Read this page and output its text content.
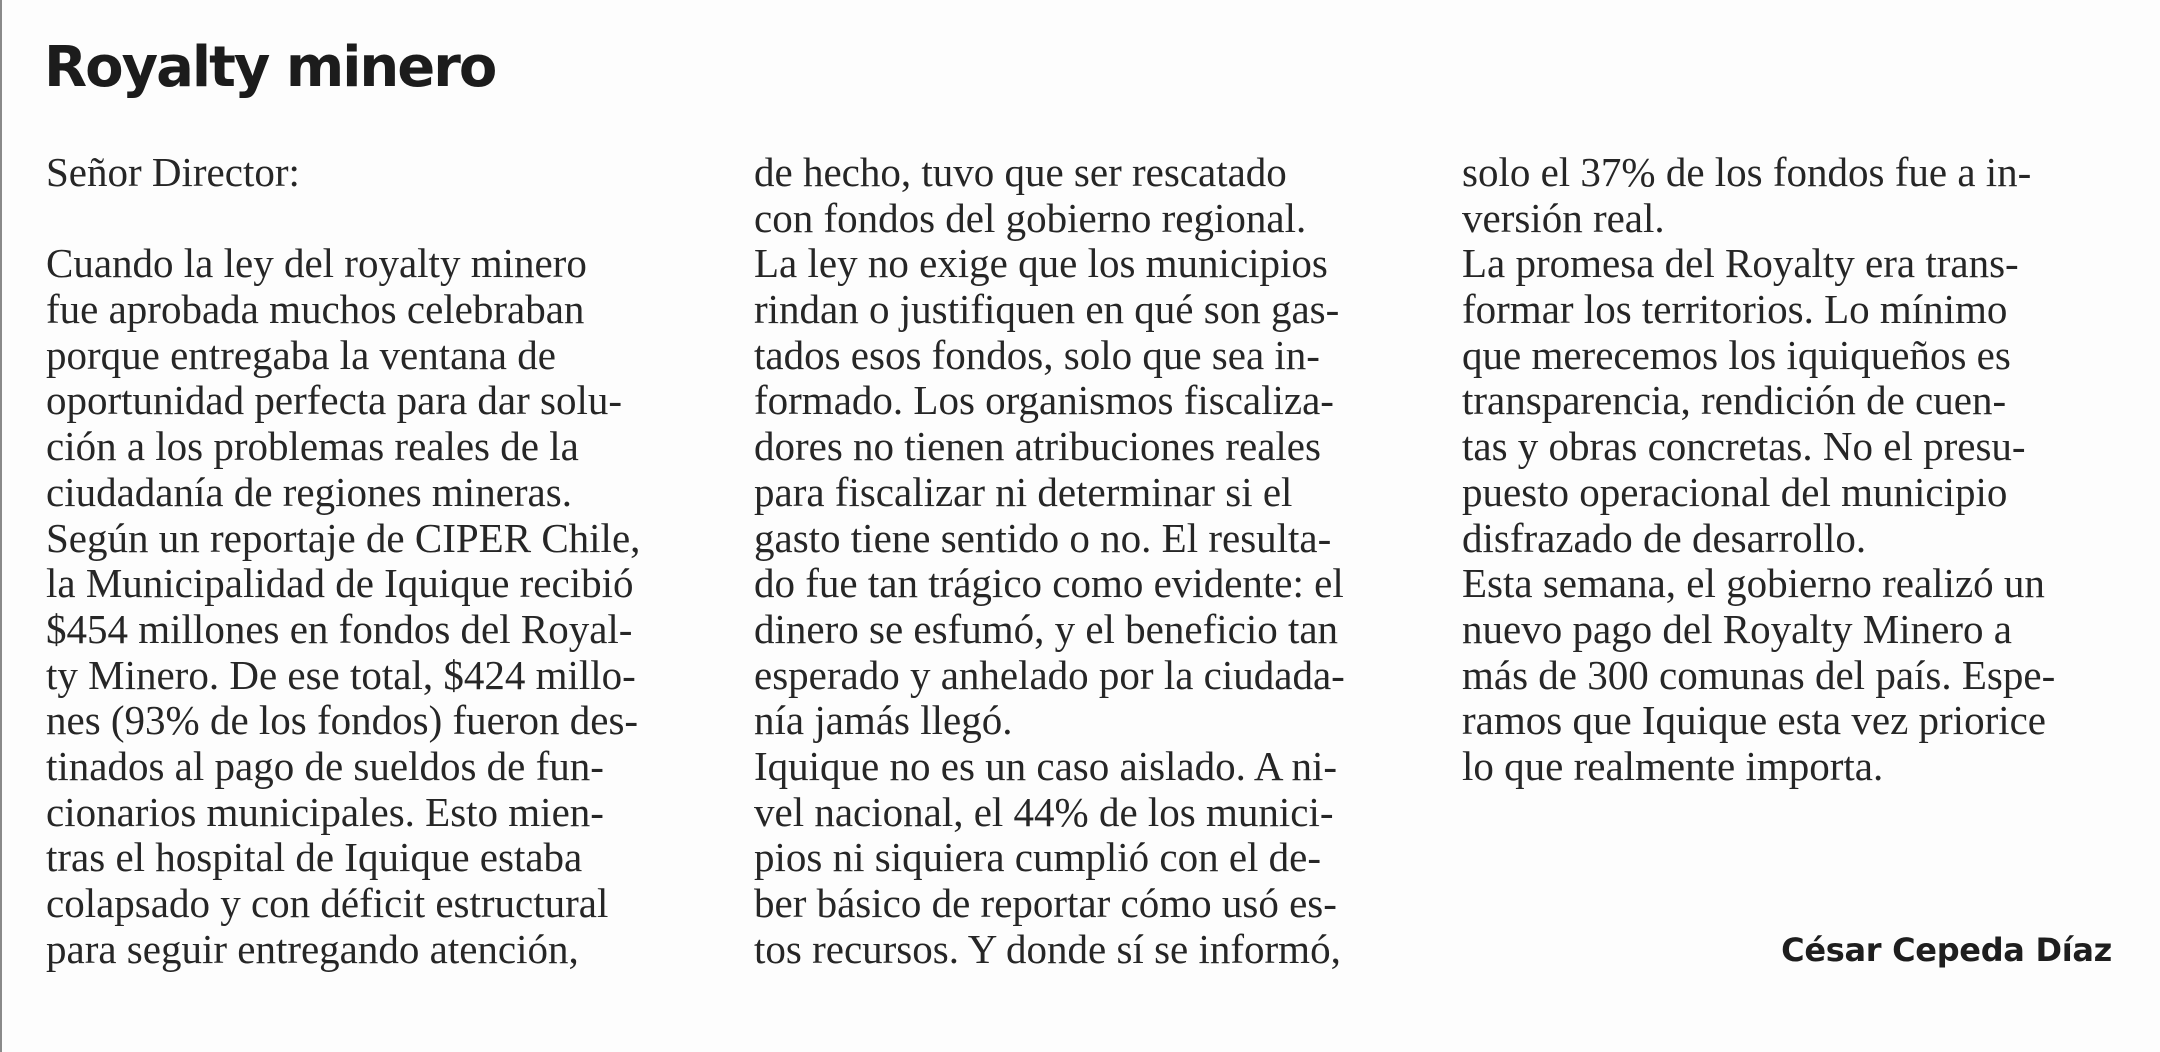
Royalty minero
Señor Director:
Cuando la ley del royalty minero
fue aprobada muchos celebraban
porque entregaba la ventana de
oportunidad perfecta para dar solu-
ción a los problemas reales de la
ciudadanía de regiones mineras.
Según un reportaje de CIPER Chile,
la Municipalidad de Iquique recibió
$454 millones en fondos del Royal-
ty Minero. De ese total, $424 millo-
nes (93% de los fondos) fueron des-
tinados al pago de sueldos de fun-
cionarios municipales. Esto mien-
tras el hospital de Iquique estaba
colapsado y con déficit estructural
para seguir entregando atención,
de hecho, tuvo que ser rescatado
con fondos del gobierno regional.
La ley no exige que los municipios
rindan o justifiquen en qué son gas-
tados esos fondos, solo que sea in-
formado. Los organismos fiscaliza-
dores no tienen atribuciones reales
para fiscalizar ni determinar si el
gasto tiene sentido o no. El resulta-
do fue tan trágico como evidente: el
dinero se esfumó, y el beneficio tan
esperado y anhelado por la ciudada-
nía jamás llegó.
Iquique no es un caso aislado. A ni-
vel nacional, el 44% de los munici-
pios ni siquiera cumplió con el de-
ber básico de reportar cómo usó es-
tos recursos. Y donde sí se informó,
solo el 37% de los fondos fue a in-
versión real.
La promesa del Royalty era trans-
formar los territorios. Lo mínimo
que merecemos los iquiqueños es
transparencia, rendición de cuen-
tas y obras concretas. No el presu-
puesto operacional del municipio
disfrazado de desarrollo.
Esta semana, el gobierno realizó un
nuevo pago del Royalty Minero a
más de 300 comunas del país. Espe-
ramos que Iquique esta vez priorice
lo que realmente importa.
César Cepeda Díaz
